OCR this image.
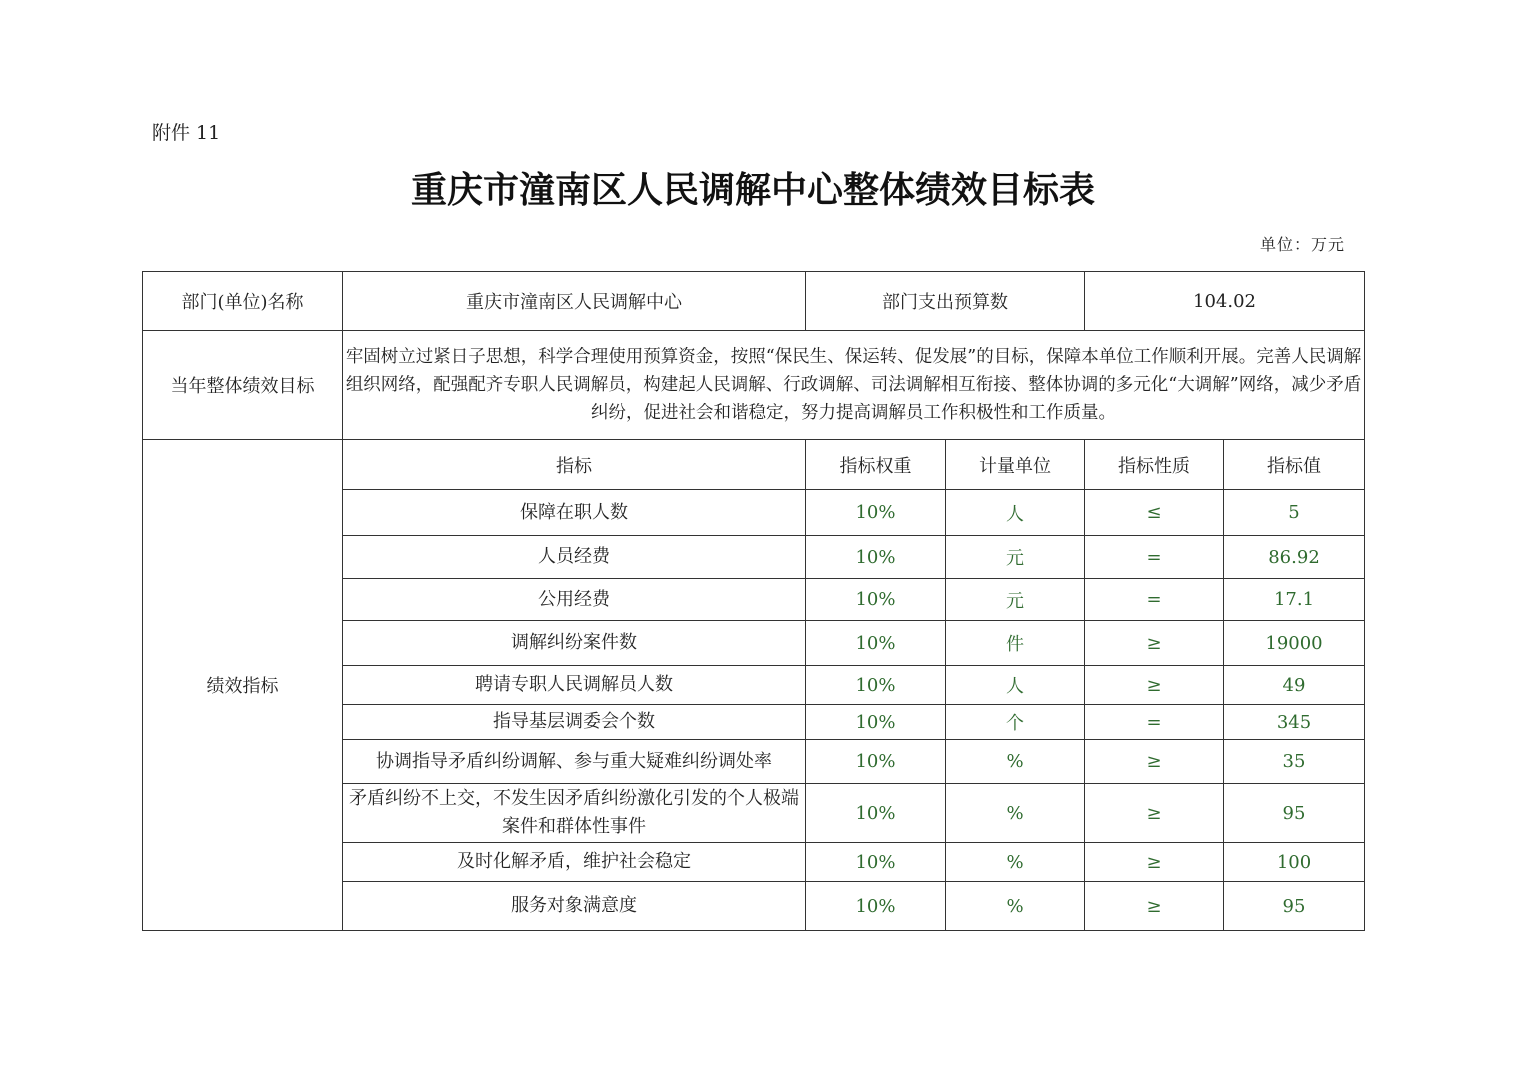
附件 11
重庆市潼南区人民调解中心整体绩效目标表
单位：万元
部门(单位)名称	重庆市潼南区人民调解中心	部门支出预算数		104.02	
当年整体绩效目标	牢固树立过紧日子思想，科学合理使用预算资金，按照“保民生、保运转、促发展”的目标，保障本单位工作顺利开展。完善人民调解组织网络，配强配齐专职人民调解员，构建起人民调解、行政调解、司法调解相互衔接、整体协调的多元化“大调解”网络，减少矛盾纠纷，促进社会和谐稳定，努力提高调解员工作积极性和工作质量。				
绩效指标	指标	指标权重	计量单位	指标性质	指标值
	保障在职人数	10%	人	≤	5
	人员经费	10%	元	=	86.92
	公用经费	10%	元	=	17.1
	调解纠纷案件数	10%	件	≥	19000
	聘请专职人民调解员人数	10%	人	≥	49
	指导基层调委会个数	10%	个	=	345
	协调指导矛盾纠纷调解、参与重大疑难纠纷调处率	10%	%	≥	35
	矛盾纠纷不上交，不发生因矛盾纠纷激化引发的个人极端案件和群体性事件	10%	%	≥	95
	及时化解矛盾，维护社会稳定	10%	%	≥	100
	服务对象满意度	10%	%	≥	95
